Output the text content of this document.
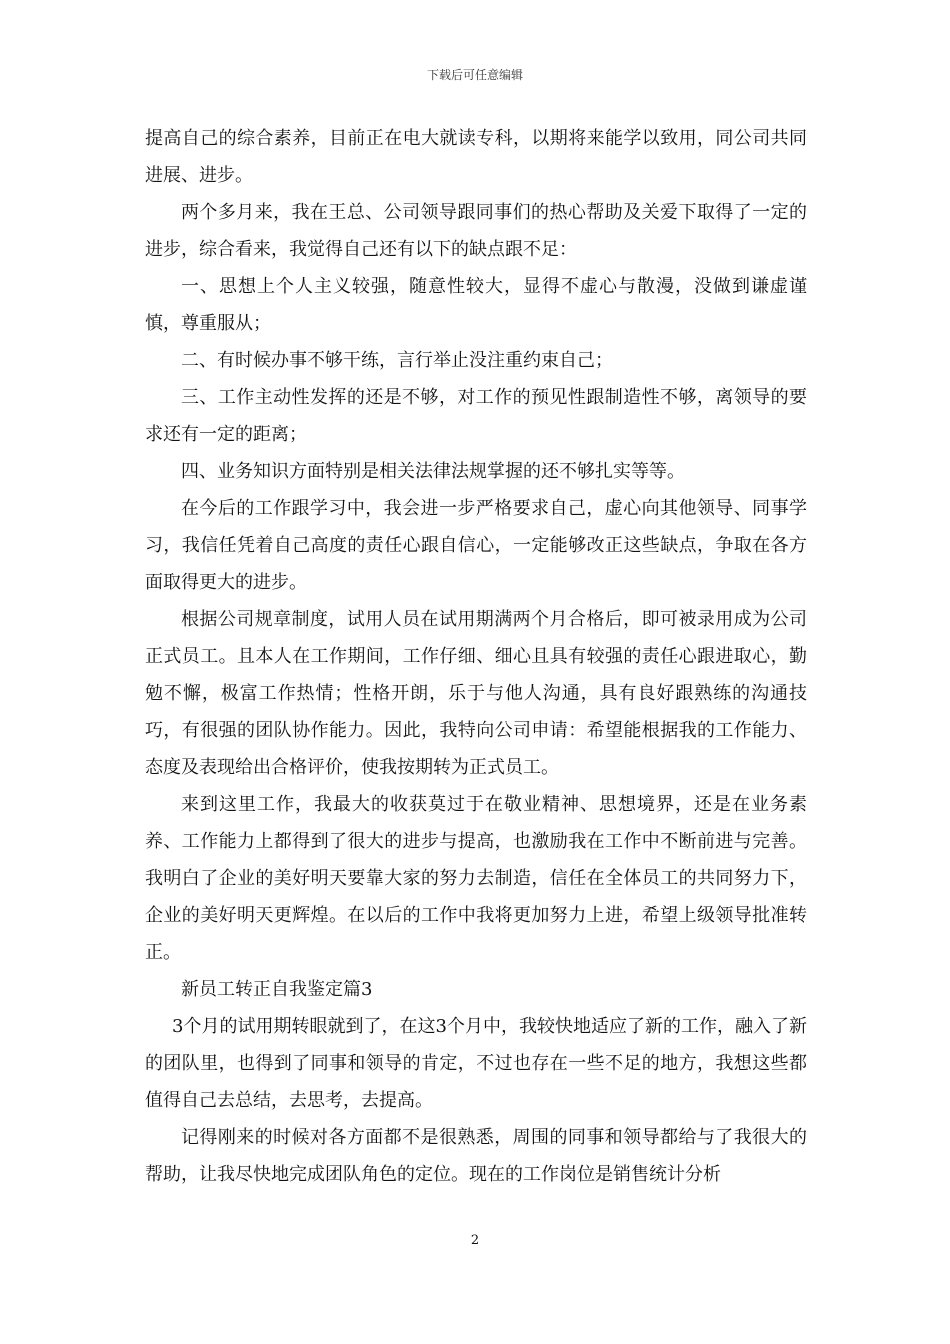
下载后可任意编辑

提高自己的综合素养，目前正在电大就读专科，以期将来能学以致用，同公司共同进展、进步。

两个多月来，我在王总、公司领导跟同事们的热心帮助及关爱下取得了一定的进步，综合看来，我觉得自己还有以下的缺点跟不足：

一、思想上个人主义较强，随意性较大，显得不虚心与散漫，没做到谦虚谨慎，尊重服从；

二、有时候办事不够干练，言行举止没注重约束自己；

三、工作主动性发挥的还是不够，对工作的预见性跟制造性不够，离领导的要求还有一定的距离；

四、业务知识方面特别是相关法律法规掌握的还不够扎实等等。

在今后的工作跟学习中，我会进一步严格要求自己，虚心向其他领导、同事学习，我信任凭着自己高度的责任心跟自信心，一定能够改正这些缺点，争取在各方面取得更大的进步。

根据公司规章制度，试用人员在试用期满两个月合格后，即可被录用成为公司正式员工。且本人在工作期间，工作仔细、细心且具有较强的责任心跟进取心，勤勉不懈，极富工作热情；性格开朗，乐于与他人沟通，具有良好跟熟练的沟通技巧，有很强的团队协作能力。因此，我特向公司申请：希望能根据我的工作能力、态度及表现给出合格评价，使我按期转为正式员工。

来到这里工作，我最大的收获莫过于在敬业精神、思想境界，还是在业务素养、工作能力上都得到了很大的进步与提高，也激励我在工作中不断前进与完善。我明白了企业的美好明天要靠大家的努力去制造，信任在全体员工的共同努力下，企业的美好明天更辉煌。在以后的工作中我将更加努力上进，希望上级领导批准转正。

新员工转正自我鉴定篇3

3个月的试用期转眼就到了，在这3个月中，我较快地适应了新的工作，融入了新的团队里，也得到了同事和领导的肯定，不过也存在一些不足的地方，我想这些都值得自己去总结，去思考，去提高。

记得刚来的时候对各方面都不是很熟悉，周围的同事和领导都给与了我很大的帮助，让我尽快地完成团队角色的定位。现在的工作岗位是销售统计分析

2
